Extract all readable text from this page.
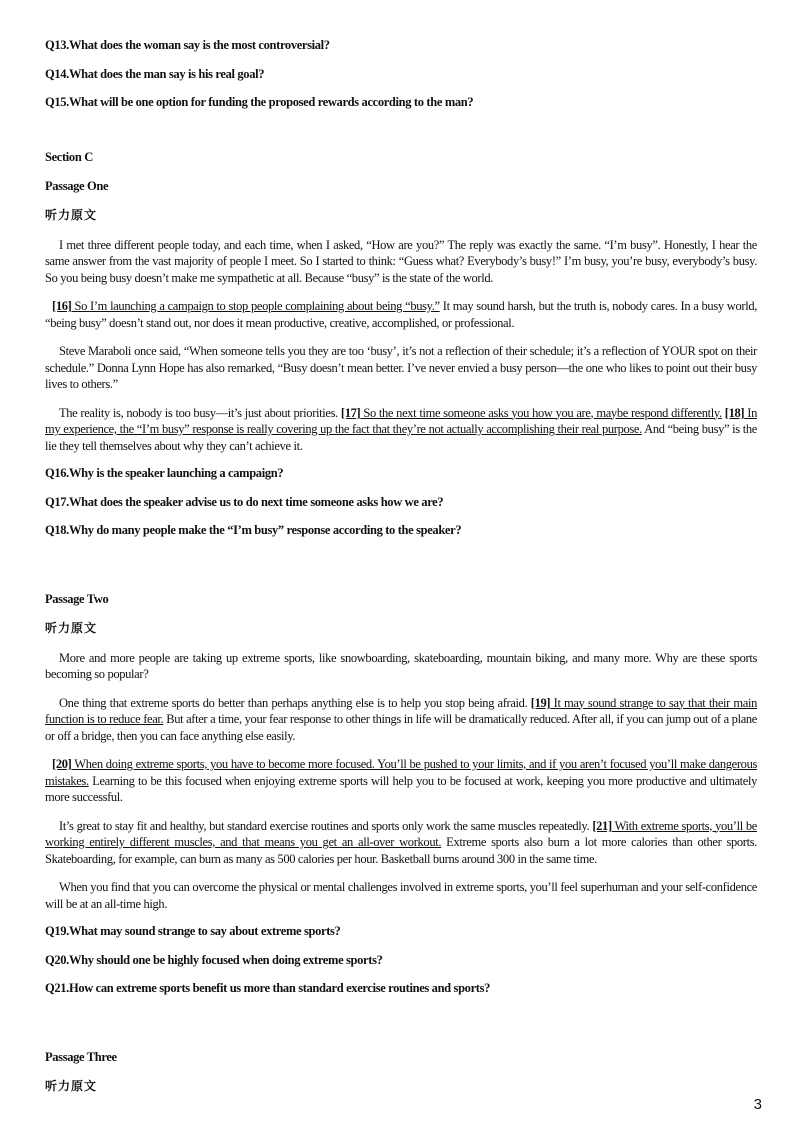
Q13.What does the woman say is the most controversial?

Q14.What does the man say is his real goal?

Q15.What will be one option for funding the proposed rewards according to the man?

Section C

Passage One

听力原文

I met three different people today, and each time, when I asked, “How are you?” The reply was exactly the same. “I’m busy”. Honestly, I hear the same answer from the vast majority of people I meet. So I started to think: “Guess what? Everybody’s busy!” I’m busy, you’re busy, everybody’s busy. So you being busy doesn’t make me sympathetic at all. Because “busy” is the state of the world.

[16] So I’m launching a campaign to stop people complaining about being “busy.” It may sound harsh, but the truth is, nobody cares. In a busy world, “being busy” doesn’t stand out, nor does it mean productive, creative, accomplished, or professional.

Steve Maraboli once said, “When someone tells you they are too ‘busy’, it’s not a reflection of their schedule; it’s a reflection of YOUR spot on their schedule.” Donna Lynn Hope has also remarked, “Busy doesn’t mean better. I’ve never envied a busy person—the one who likes to point out their busy lives to others.”

The reality is, nobody is too busy—it’s just about priorities. [17] So the next time someone asks you how you are, maybe respond differently. [18] In my experience, the “I’m busy” response is really covering up the fact that they’re not actually accomplishing their real purpose. And “being busy” is the lie they tell themselves about why they can’t achieve it.

Q16.Why is the speaker launching a campaign?

Q17.What does the speaker advise us to do next time someone asks how we are?

Q18.Why do many people make the “I’m busy” response according to the speaker?

Passage Two

听力原文

More and more people are taking up extreme sports, like snowboarding, skateboarding, mountain biking, and many more. Why are these sports becoming so popular?

One thing that extreme sports do better than perhaps anything else is to help you stop being afraid. [19] It may sound strange to say that their main function is to reduce fear. But after a time, your fear response to other things in life will be dramatically reduced. After all, if you can jump out of a plane or off a bridge, then you can face anything else easily.

[20] When doing extreme sports, you have to become more focused. You’ll be pushed to your limits, and if you aren’t focused you’ll make dangerous mistakes. Learning to be this focused when enjoying extreme sports will help you to be focused at work, keeping you more productive and ultimately more successful.

It’s great to stay fit and healthy, but standard exercise routines and sports only work the same muscles repeatedly. [21] With extreme sports, you’ll be working entirely different muscles, and that means you get an all-over workout. Extreme sports also burn a lot more calories than other sports. Skateboarding, for example, can burn as many as 500 calories per hour. Basketball burns around 300 in the same time.

When you find that you can overcome the physical or mental challenges involved in extreme sports, you’ll feel superhuman and your self-confidence will be at an all-time high.

Q19.What may sound strange to say about extreme sports?

Q20.Why should one be highly focused when doing extreme sports?

Q21.How can extreme sports benefit us more than standard exercise routines and sports?

Passage Three

听力原文

3
